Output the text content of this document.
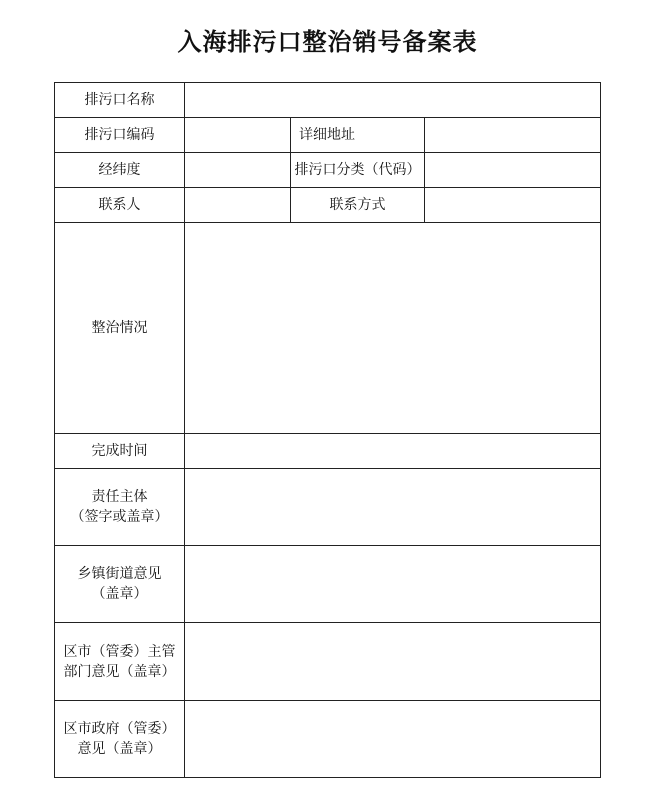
入海排污口整治销号备案表
排污口名称			
排污口编码		详细地址	
经纬度		排污口分类（代码）	
联系人		联系方式	
整治情况			
完成时间			

责任主体
（签字或盖章）			

乡镇街道意见
（盖章）			

区市（管委）主管
部门意见（盖章）			

区市政府（管委）
意见（盖章）			
